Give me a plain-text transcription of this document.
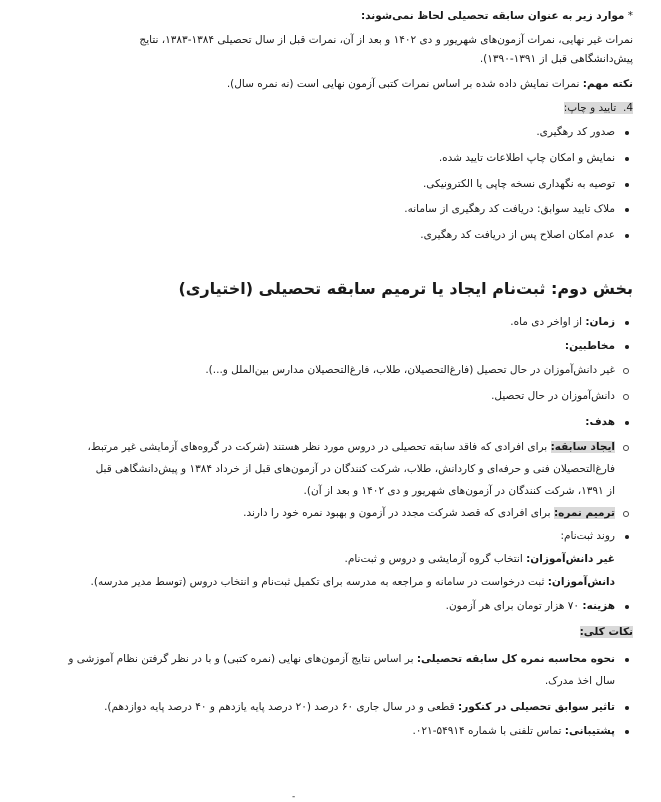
* موارد زیر به عنوان سابقه تحصیلی لحاظ نمی‌شوند:
نمرات غیر نهایی، نمرات آزمون‌های شهریور و دی ۱۴۰۲ و بعد از آن، نمرات قبل از سال تحصیلی ۱۳۸۴-۱۳۸۳، نتایج
پیش‌دانشگاهی قبل از ۱۳۹۱-۱۳۹۰).
نکته مهم: نمرات نمایش داده شده بر اساس نمرات کتبی آزمون نهایی است (نه نمره سال).
4.  تایید و چاپ:
صدور کد رهگیری.
نمایش و امکان چاپ اطلاعات تایید شده.
توصیه به نگهداری نسخه چاپی یا الکترونیکی.
ملاک تایید سوابق: دریافت کد رهگیری از سامانه.
عدم امکان اصلاح پس از دریافت کد رهگیری.
بخش دوم: ثبت‌نام ایجاد یا ترمیم سابقه تحصیلی (اختیاری)
زمان: از اواخر دی ماه.
مخاطبین:
غیر دانش‌آموزان در حال تحصیل (فارغ‌التحصیلان، طلاب، فارغ‌التحصیلان مدارس بین‌الملل و...).
دانش‌آموزان در حال تحصیل.
هدف:
ایجاد سابقه: برای افرادی که فاقد سابقه تحصیلی در دروس مورد نظر هستند (شرکت در گروه‌های آزمایشی غیر مرتبط،
فارغ‌التحصیلان فنی و حرفه‌ای و کاردانش، طلاب، شرکت کنندگان در آزمون‌های قبل از خرداد ۱۳۸۴ و پیش‌دانشگاهی قبل
از ۱۳۹۱، شرکت کنندگان در آزمون‌های شهریور و دی ۱۴۰۲ و بعد از آن).
ترمیم نمره: برای افرادی که قصد شرکت مجدد در آزمون و بهبود نمره خود را دارند.
روند ثبت‌نام:
غیر دانش‌آموزان: انتخاب گروه آزمایشی و دروس و ثبت‌نام.
دانش‌آموزان: ثبت درخواست در سامانه و مراجعه به مدرسه برای تکمیل ثبت‌نام و انتخاب دروس (توسط مدیر مدرسه).
هزینه: ۷۰ هزار تومان برای هر آزمون.
نکات کلی:
نحوه محاسبه نمره کل سابقه تحصیلی: بر اساس نتایج آزمون‌های نهایی (نمره کتبی) و با در نظر گرفتن نظام آموزشی و
سال اخذ مدرک.
تاثیر سوابق تحصیلی در کنکور: قطعی و در سال جاری ۶۰ درصد (۲۰ درصد پایه یازدهم و ۴۰ درصد پایه دوازدهم).
پشتیبانی: تماس تلفنی با شماره ۵۴۹۱۴-۰۲۱.
-
